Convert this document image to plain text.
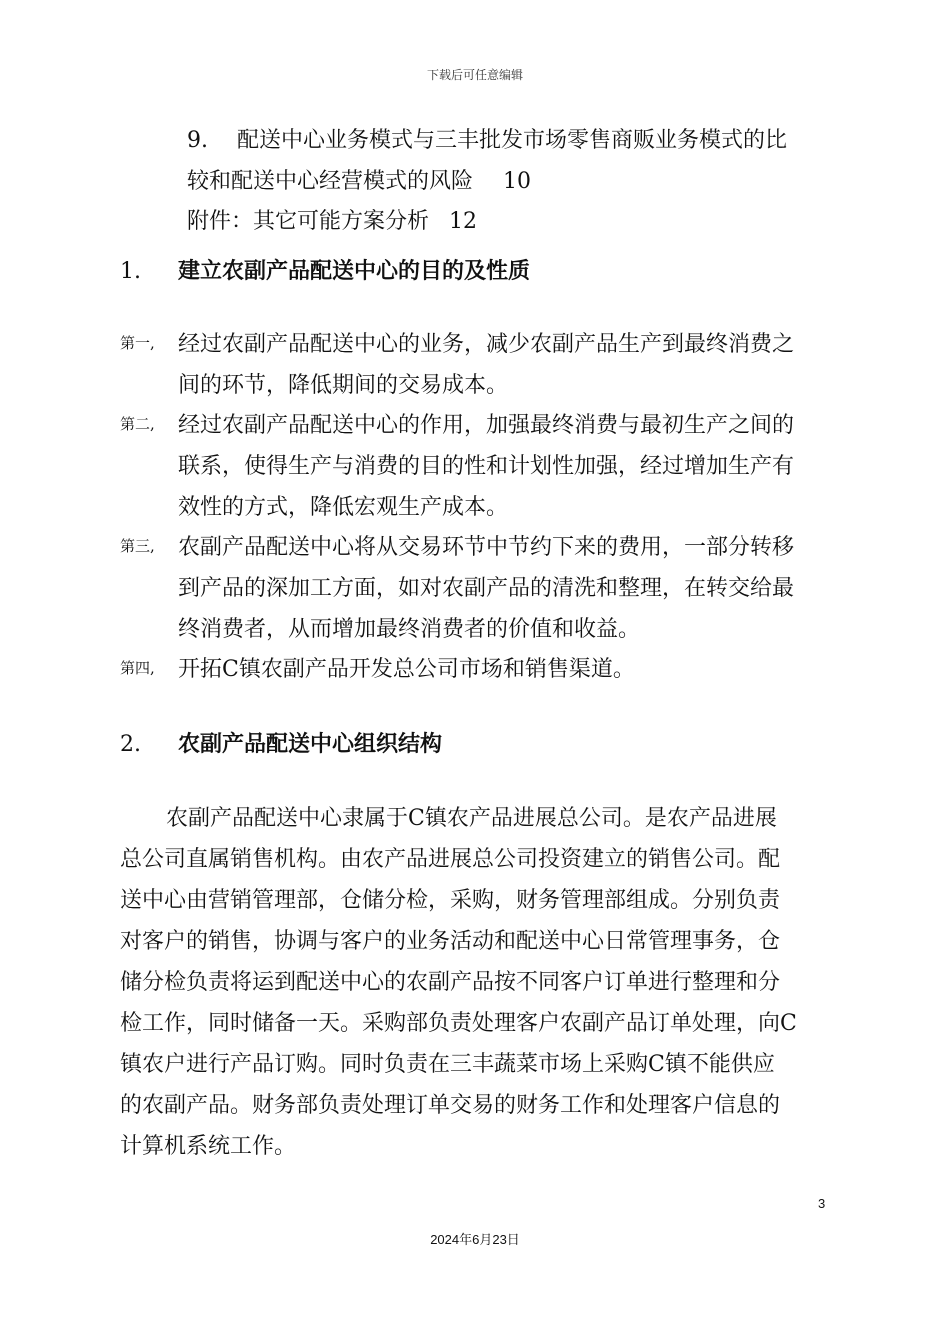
下载后可任意编辑
9. 配送中心业务模式与三丰批发市场零售商贩业务模式的比
较和配送中心经营模式的风险 10
附件：其它可能方案分析 12
1. 建立农副产品配送中心的目的及性质
第一, 经过农副产品配送中心的业务，减少农副产品生产到最终消费之
间的环节，降低期间的交易成本。
第二, 经过农副产品配送中心的作用，加强最终消费与最初生产之间的
联系，使得生产与消费的目的性和计划性加强，经过增加生产有
效性的方式，降低宏观生产成本。
第三, 农副产品配送中心将从交易环节中节约下来的费用，一部分转移
到产品的深加工方面，如对农副产品的清洗和整理，在转交给最
终消费者，从而增加最终消费者的价值和收益。
第四, 开拓C镇农副产品开发总公司市场和销售渠道。
2. 农副产品配送中心组织结构
农副产品配送中心隶属于C镇农产品进展总公司。是农产品进展
总公司直属销售机构。由农产品进展总公司投资建立的销售公司。配
送中心由营销管理部，仓储分检，采购，财务管理部组成。分别负责
对客户的销售，协调与客户的业务活动和配送中心日常管理事务，仓
储分检负责将运到配送中心的农副产品按不同客户订单进行整理和分
检工作，同时储备一天。采购部负责处理客户农副产品订单处理，向C
镇农户进行产品订购。同时负责在三丰蔬菜市场上采购C镇不能供应
的农副产品。财务部负责处理订单交易的财务工作和处理客户信息的
计算机系统工作。
3
2024年6月23日
